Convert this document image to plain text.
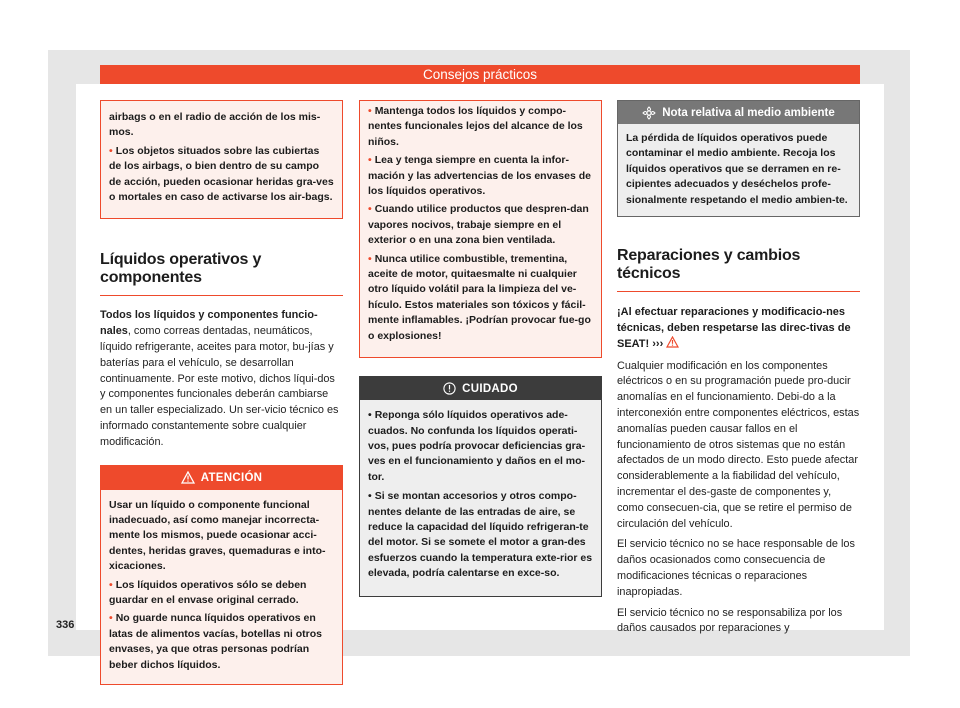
Consejos prácticos

airbags o en el radio de acción de los mis-mos.

• Los objetos situados sobre las cubiertas de los airbags, o bien dentro de su campo de acción, pueden ocasionar heridas gra-ves o mortales en caso de activarse los air-bags.

Líquidos operativos y componentes

Todos los líquidos y componentes funcio-nales, como correas dentadas, neumáticos, líquido refrigerante, aceites para motor, bu-jías y baterías para el vehículo, se desarrollan continuamente. Por este motivo, dichos líqui-dos y componentes funcionales deberán cambiarse en un taller especializado. Un ser-vicio técnico es informado constantemente sobre cualquier modificación.

ATENCIÓN

Usar un líquido o componente funcional inadecuado, así como manejar incorrecta-mente los mismos, puede ocasionar acci-dentes, heridas graves, quemaduras e into-xicaciones.

• Los líquidos operativos sólo se deben guardar en el envase original cerrado.

• No guarde nunca líquidos operativos en latas de alimentos vacías, botellas ni otros envases, ya que otras personas podrían beber dichos líquidos.

• Mantenga todos los líquidos y compo-nentes funcionales lejos del alcance de los niños.

• Lea y tenga siempre en cuenta la infor-mación y las advertencias de los envases de los líquidos operativos.

• Cuando utilice productos que despren-dan vapores nocivos, trabaje siempre en el exterior o en una zona bien ventilada.

• Nunca utilice combustible, trementina, aceite de motor, quitaesmalte ni cualquier otro líquido volátil para la limpieza del ve-hículo. Estos materiales son tóxicos y fácil-mente inflamables. ¡Podrían provocar fue-go o explosiones!

CUIDADO

• Reponga sólo líquidos operativos ade-cuados. No confunda los líquidos operati-vos, pues podría provocar deficiencias gra-ves en el funcionamiento y daños en el mo-tor.

• Si se montan accesorios y otros compo-nentes delante de las entradas de aire, se reduce la capacidad del líquido refrigeran-te del motor. Si se somete el motor a gran-des esfuerzos cuando la temperatura exte-rior es elevada, podría calentarse en exce-so.

Nota relativa al medio ambiente
La pérdida de líquidos operativos puede contaminar el medio ambiente. Recoja los líquidos operativos que se derramen en re-cipientes adecuados y deséchelos profe-sionalmente respetando el medio ambien-te.
Reparaciones y cambios técnicos

¡Al efectuar reparaciones y modificacio-nes técnicas, deben respetarse las direc-tivas de SEAT! ›››

Cualquier modificación en los componentes eléctricos o en su programación puede pro-ducir anomalías en el funcionamiento. Debi-do a la interconexión entre componentes eléctricos, estas anomalías pueden causar fallos en el funcionamiento de otros sistemas que no están afectados de un modo directo. Esto puede afectar considerablemente a la fiabilidad del vehículo, incrementar el des-gaste de componentes y, como consecuen-cia, que se retire el permiso de circulación del vehículo.

El servicio técnico no se hace responsable de los daños ocasionados como consecuencia de modificaciones técnicas o reparaciones inapropiadas.

El servicio técnico no se responsabiliza por los daños causados por reparaciones y

336
